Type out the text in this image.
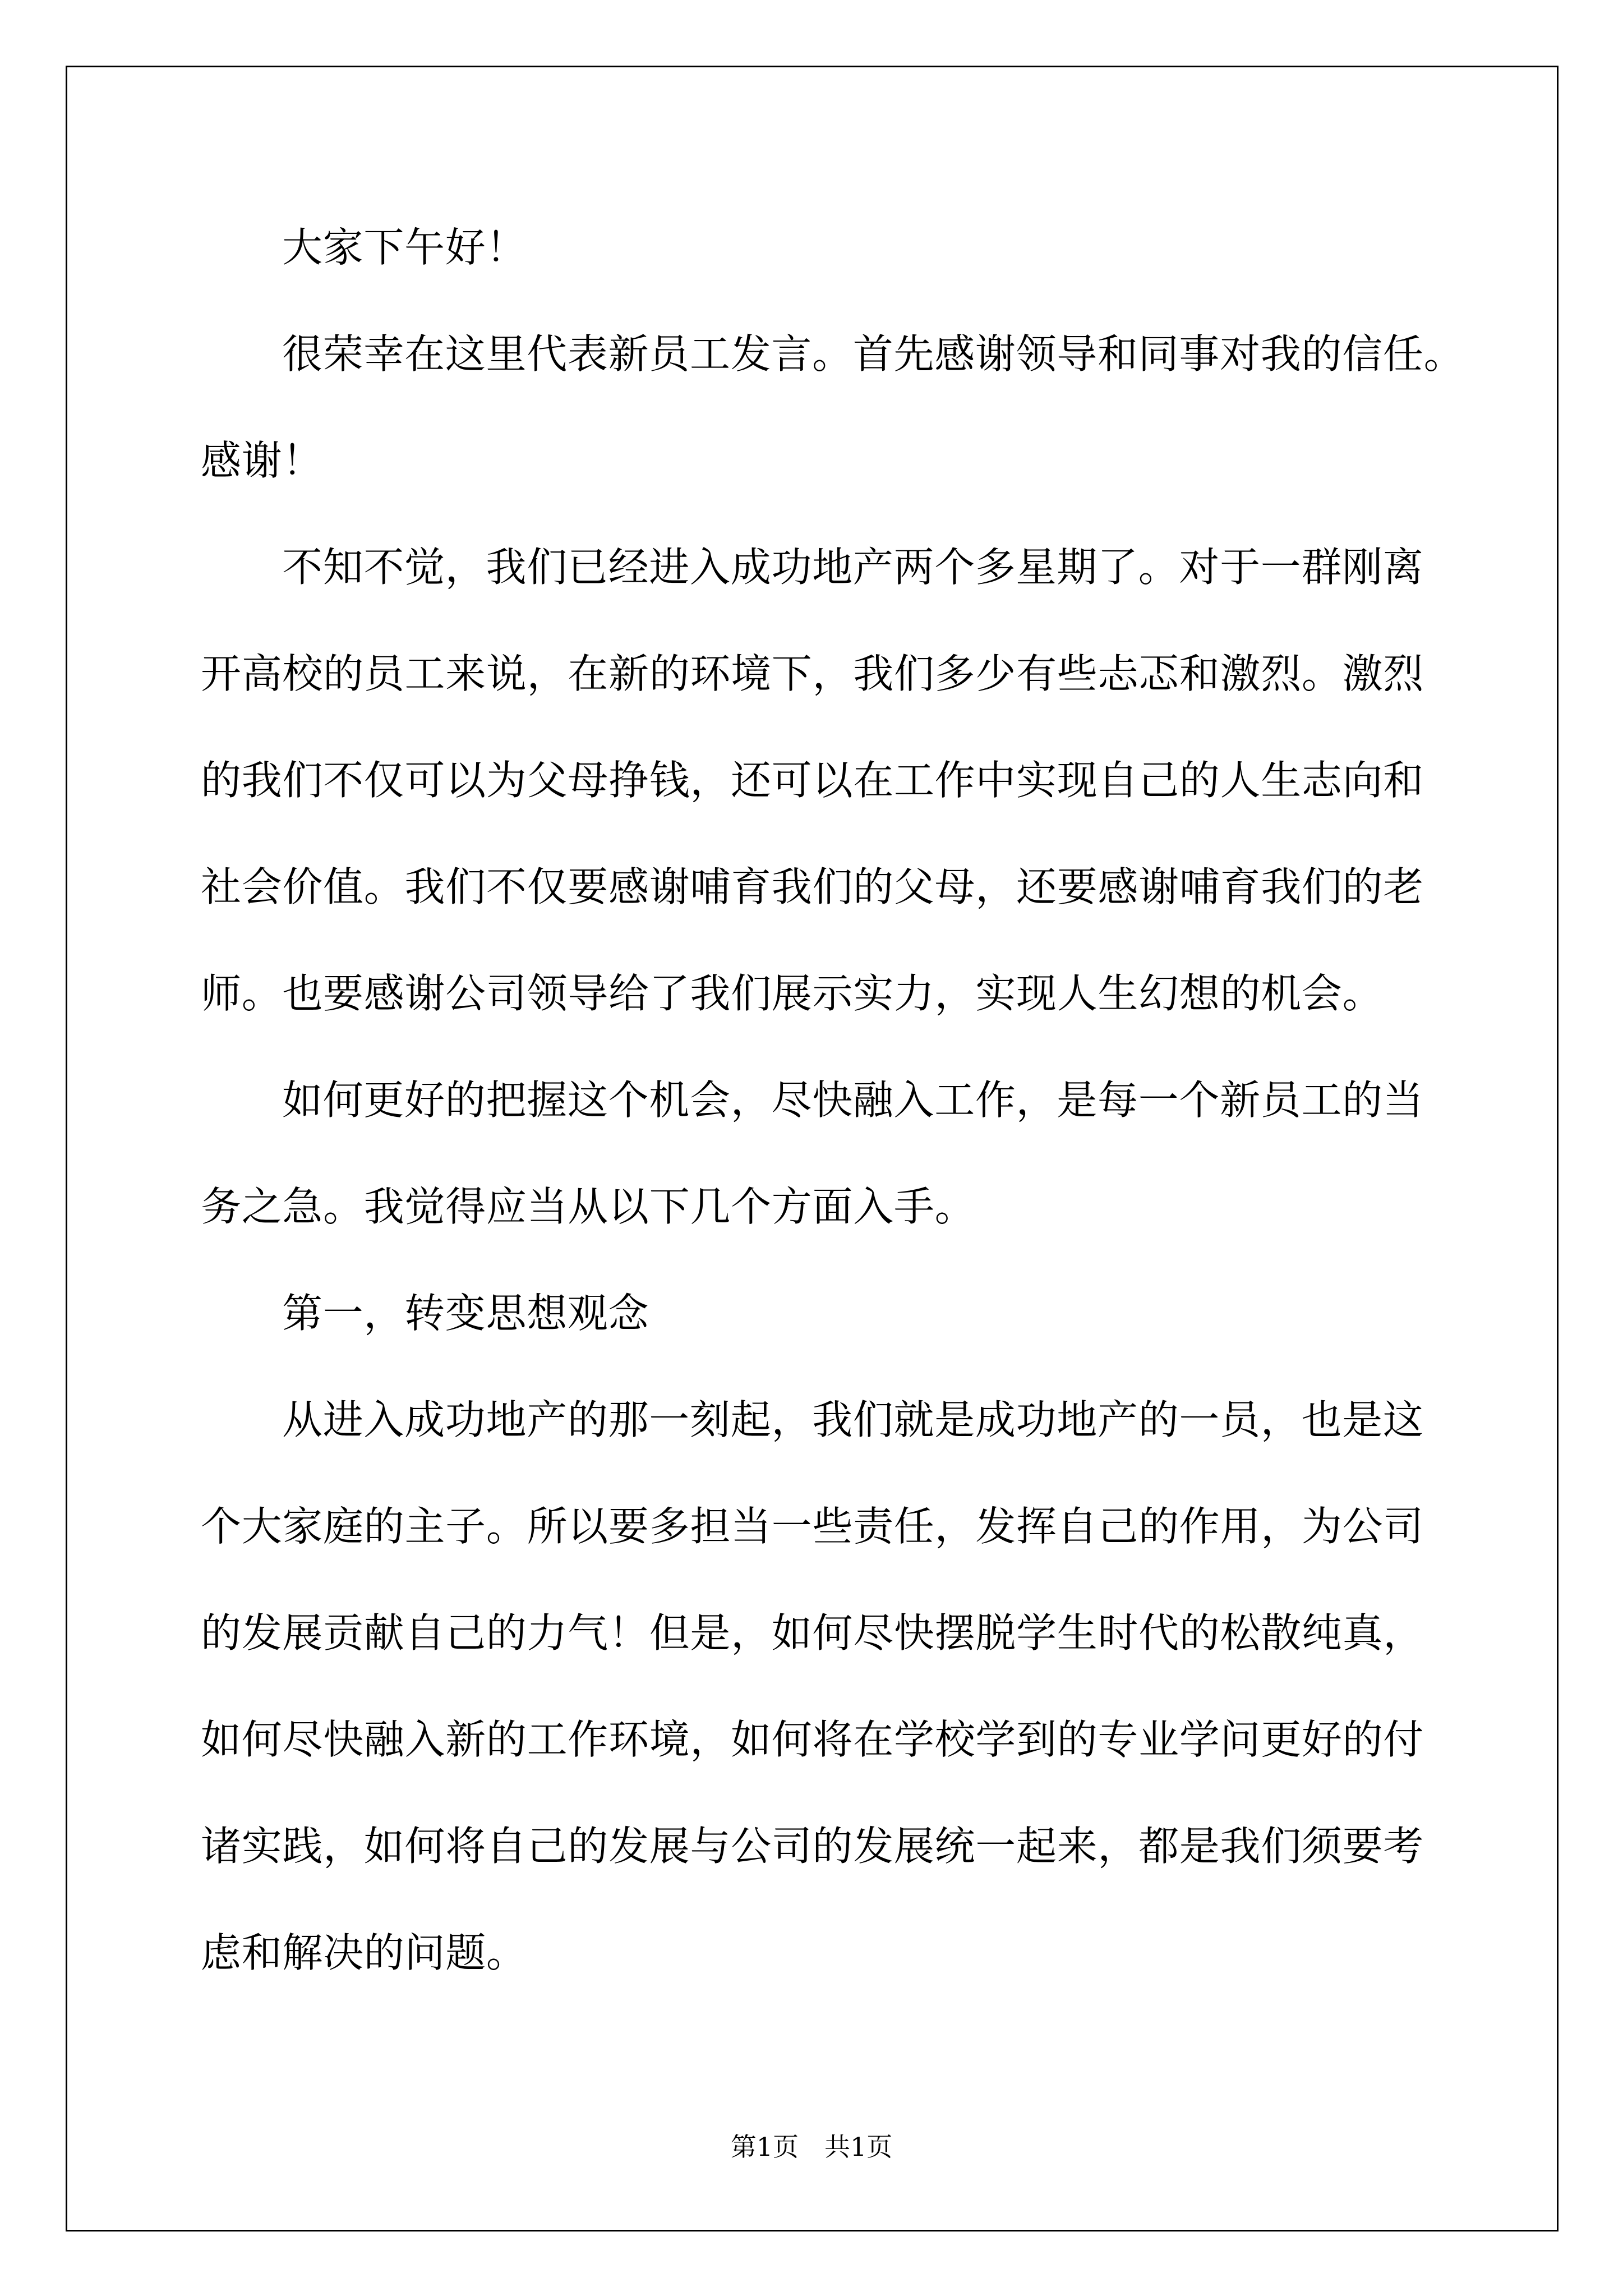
大家下午好！
很荣幸在这里代表新员工发言。首先感谢领导和同事对我的信任。
感谢！
不知不觉，我们已经进入成功地产两个多星期了。对于一群刚离
开高校的员工来说，在新的环境下，我们多少有些忐忑和激烈。激烈
的我们不仅可以为父母挣钱，还可以在工作中实现自己的人生志向和
社会价值。我们不仅要感谢哺育我们的父母，还要感谢哺育我们的老
师。也要感谢公司领导给了我们展示实力，实现人生幻想的机会。
如何更好的把握这个机会，尽快融入工作，是每一个新员工的当
务之急。我觉得应当从以下几个方面入手。
第一，转变思想观念
从进入成功地产的那一刻起，我们就是成功地产的一员，也是这
个大家庭的主子。所以要多担当一些责任，发挥自己的作用，为公司
的发展贡献自己的力气！但是，如何尽快摆脱学生时代的松散纯真，
如何尽快融入新的工作环境，如何将在学校学到的专业学问更好的付
诸实践，如何将自己的发展与公司的发展统一起来，都是我们须要考
虑和解决的问题。
第1页　共1页
